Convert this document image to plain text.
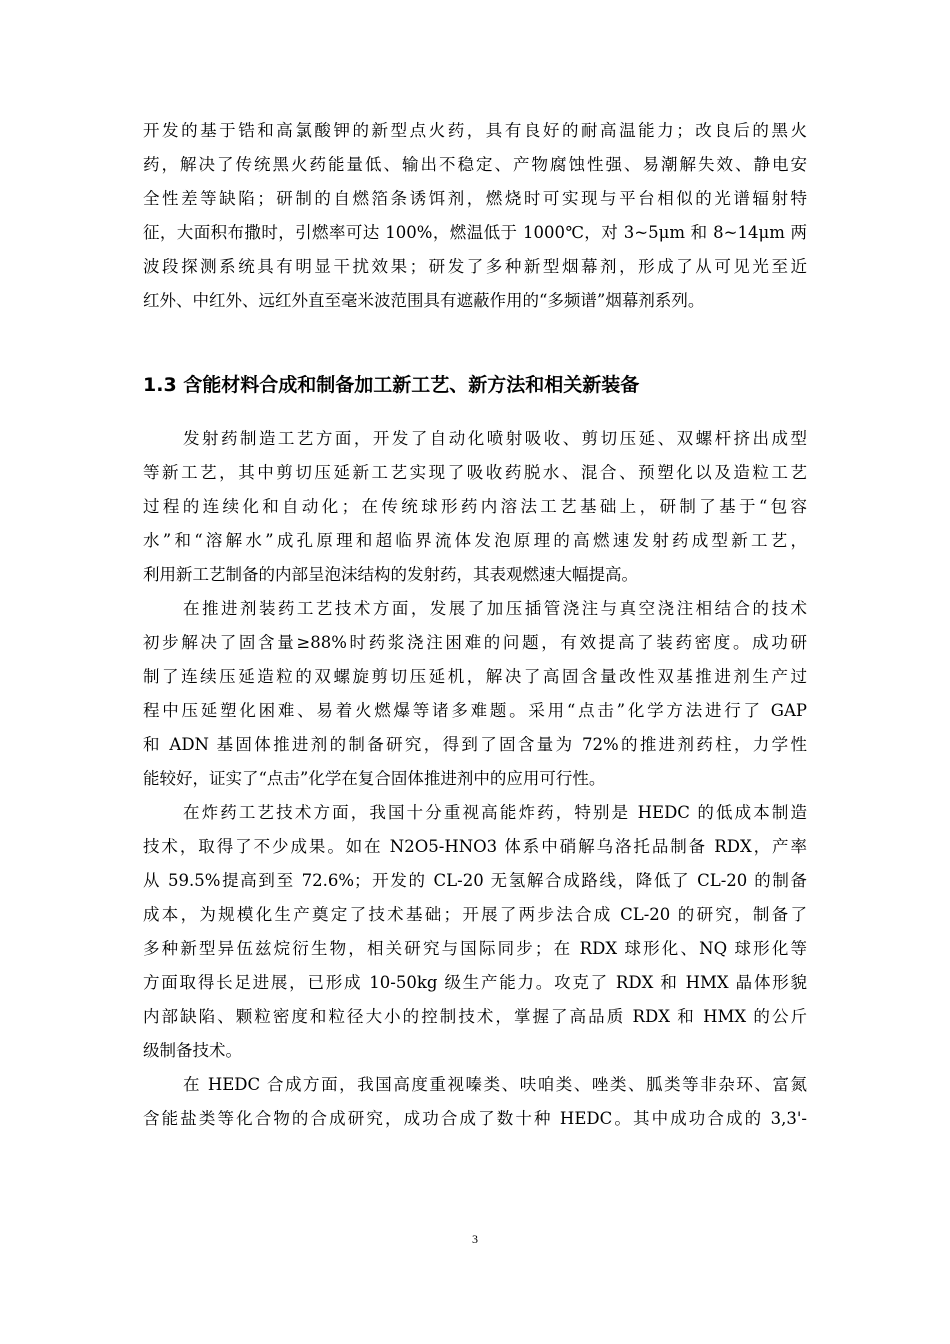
开发的基于锆和高氯酸钾的新型点火药，具有良好的耐高温能力；改良后的黑火
药，解决了传统黑火药能量低、输出不稳定、产物腐蚀性强、易潮解失效、静电安
全性差等缺陷；研制的自燃箔条诱饵剂，燃烧时可实现与平台相似的光谱辐射特
征，大面积布撒时，引燃率可达 100%，燃温低于 1000℃，对 3~5μm 和 8~14μm 两
波段探测系统具有明显干扰效果；研发了多种新型烟幕剂，形成了从可见光至近
红外、中红外、远红外直至毫米波范围具有遮蔽作用的“多频谱”烟幕剂系列。
1.3 含能材料合成和制备加工新工艺、新方法和相关新装备
发射药制造工艺方面，开发了自动化喷射吸收、剪切压延、双螺杆挤出成型
等新工艺，其中剪切压延新工艺实现了吸收药脱水、混合、预塑化以及造粒工艺
过程的连续化和自动化；在传统球形药内溶法工艺基础上，研制了基于“包容
水”和“溶解水”成孔原理和超临界流体发泡原理的高燃速发射药成型新工艺，
利用新工艺制备的内部呈泡沫结构的发射药，其表观燃速大幅提高。
在推进剂装药工艺技术方面，发展了加压插管浇注与真空浇注相结合的技术
初步解决了固含量≥88%时药浆浇注困难的问题，有效提高了装药密度。成功研
制了连续压延造粒的双螺旋剪切压延机，解决了高固含量改性双基推进剂生产过
程中压延塑化困难、易着火燃爆等诸多难题。采用“点击”化学方法进行了 GAP
和 ADN 基固体推进剂的制备研究，得到了固含量为 72%的推进剂药柱，力学性
能较好，证实了“点击”化学在复合固体推进剂中的应用可行性。
在炸药工艺技术方面，我国十分重视高能炸药，特别是 HEDC 的低成本制造
技术，取得了不少成果。如在 N2O5-HNO3 体系中硝解乌洛托品制备 RDX，产率
从 59.5%提高到至 72.6%；开发的 CL-20 无氢解合成路线，降低了 CL-20 的制备
成本，为规模化生产奠定了技术基础；开展了两步法合成 CL-20 的研究，制备了
多种新型异伍兹烷衍生物，相关研究与国际同步；在 RDX 球形化、NQ 球形化等
方面取得长足进展，已形成 10-50kg 级生产能力。攻克了 RDX 和 HMX 晶体形貌
内部缺陷、颗粒密度和粒径大小的控制技术，掌握了高品质 RDX 和 HMX 的公斤
级制备技术。
在 HEDC 合成方面，我国高度重视嗪类、呋咱类、唑类、胍类等非杂环、富氮
含能盐类等化合物的合成研究，成功合成了数十种 HEDC。其中成功合成的 3,3'-
3
